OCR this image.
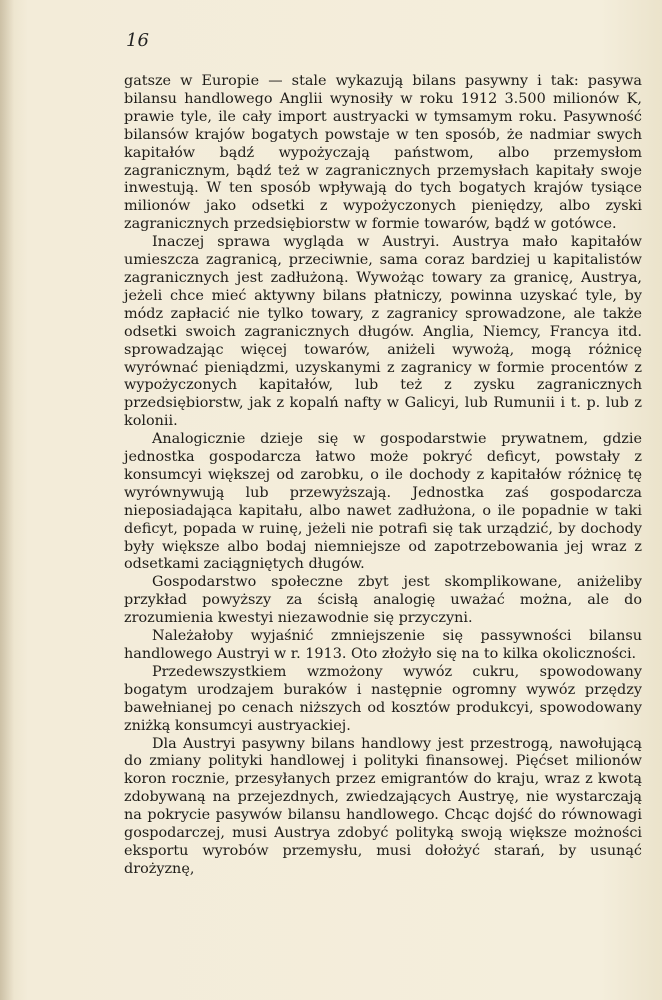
16

gatsze w Europie — stale wykazują bilans pasywny i tak: pasywa bilansu handlowego Anglii wynosiły w roku 1912 3.500 milionów K, prawie tyle, ile cały import austryacki w tymsamym roku. Pasywność bilansów krajów bogatych powstaje w ten sposób, że nadmiar swych kapitałów bądź wypożyczają państwom, albo przemysłom zagranicznym, bądź też w zagranicznych przemysłach kapitały swoje inwestują. W ten sposób wpływają do tych bogatych krajów tysiące milionów jako odsetki z wypożyczonych pieniędzy, albo zyski zagranicznych przedsiębiorstw w formie towarów, bądź w gotówce.

Inaczej sprawa wygląda w Austryi. Austrya mało kapitałów umieszcza zagranicą, przeciwnie, sama coraz bardziej u kapitalistów zagranicznych jest zadłużoną. Wywożąc towary za granicę, Austrya, jeżeli chce mieć aktywny bilans płatniczy, powinna uzyskać tyle, by módz zapłacić nie tylko towary, z zagranicy sprowadzone, ale także odsetki swoich zagranicznych długów. Anglia, Niemcy, Francya itd. sprowadzając więcej towarów, aniżeli wywożą, mogą różnicę wyrównać pieniądzmi, uzyskanymi z zagranicy w formie procentów z wypożyczonych kapitałów, lub też z zysku zagranicznych przedsiębiorstw, jak z kopalń nafty w Galicyi, lub Rumunii i t. p. lub z kolonii.

Analogicznie dzieje się w gospodarstwie prywatnem, gdzie jednostka gospodarcza łatwo może pokryć deficyt, powstały z konsumcyi większej od zarobku, o ile dochody z kapitałów różnicę tę wyrównywują lub przewyższają. Jednostka zaś gospodarcza nieposiadająca kapitału, albo nawet zadłużona, o ile popadnie w taki deficyt, popada w ruinę, jeżeli nie potrafi się tak urządzić, by dochody były większe albo bodaj niemniejsze od zapotrzebowania jej wraz z odsetkami zaciągniętych długów.

Gospodarstwo społeczne zbyt jest skomplikowane, aniżeliby przykład powyższy za ścisłą analogię uważać można, ale do zrozumienia kwestyi niezawodnie się przyczyni.

Należałoby wyjaśnić zmniejszenie się passywności bilansu handlowego Austryi w r. 1913. Oto złożyło się na to kilka okoliczności.

Przedewszystkiem wzmożony wywóz cukru, spowodowany bogatym urodzajem buraków i następnie ogromny wywóz przędzy bawełnianej po cenach niższych od kosztów produkcyi, spowodowany zniżką konsumcyi austryackiej.

Dla Austryi pasywny bilans handlowy jest przestrogą, nawołującą do zmiany polityki handlowej i polityki finansowej. Pięćset milionów koron rocznie, przesyłanych przez emigrantów do kraju, wraz z kwotą zdobywaną na przejezdnych, zwiedzających Austryę, nie wystarczają na pokrycie pasywów bilansu handlowego. Chcąc dojść do równowagi gospodarczej, musi Austrya zdobyć polityką swoją większe możności eksportu wyrobów przemysłu, musi dołożyć starań, by usunąć drożyznę,
